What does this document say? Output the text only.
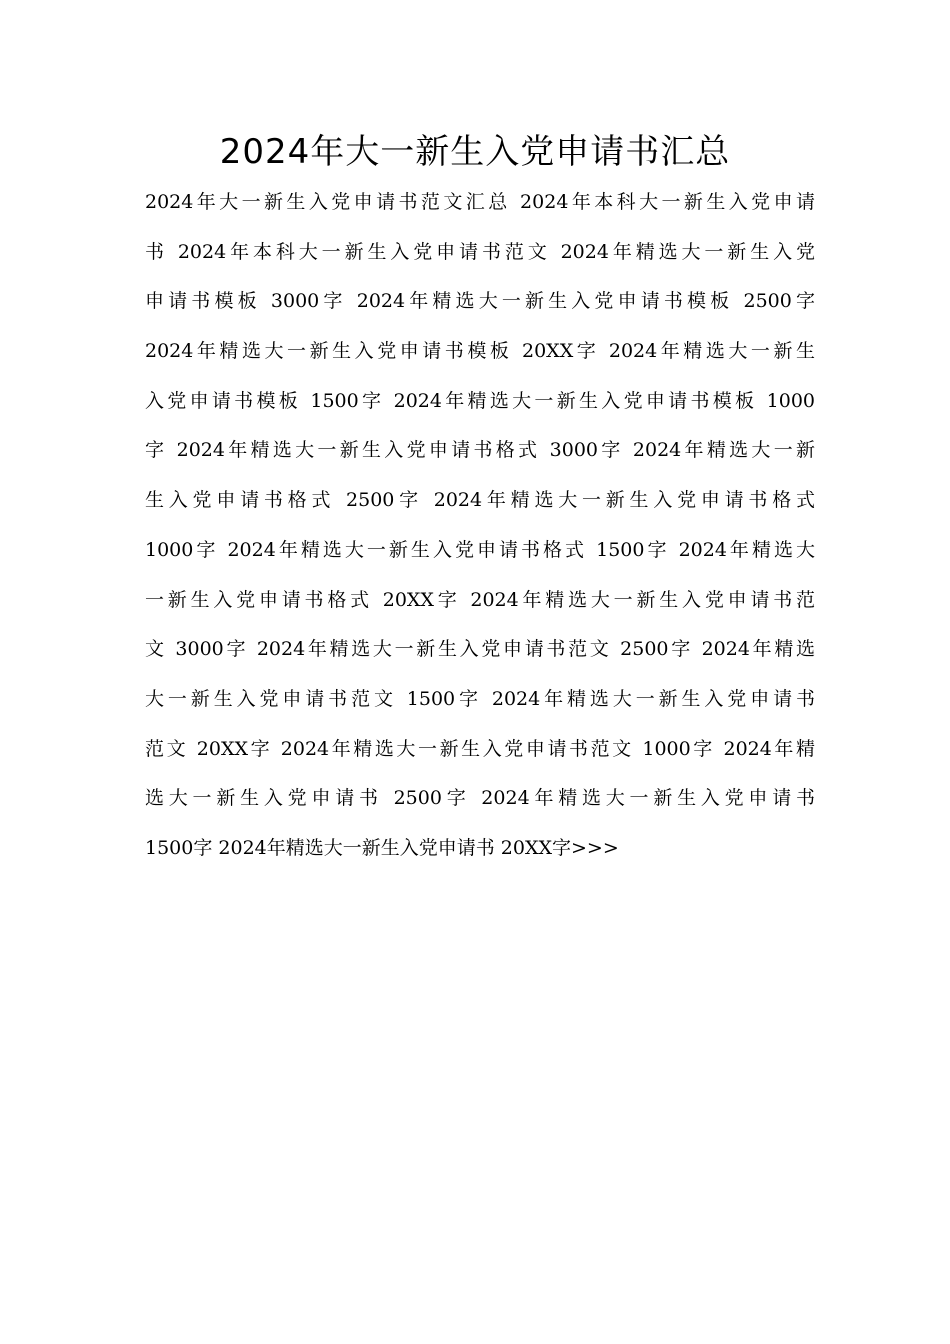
2024年大一新生入党申请书汇总
2024年大一新生入党申请书范文汇总 2024年本科大一新生入党申请
书 2024年本科大一新生入党申请书范文 2024年精选大一新生入党
申请书模板 3000字 2024年精选大一新生入党申请书模板 2500字
2024年精选大一新生入党申请书模板 20XX字 2024年精选大一新生
入党申请书模板 1500字 2024年精选大一新生入党申请书模板 1000
字 2024年精选大一新生入党申请书格式 3000字 2024年精选大一新
生入党申请书格式 2500字 2024年精选大一新生入党申请书格式
1000字 2024年精选大一新生入党申请书格式 1500字 2024年精选大
一新生入党申请书格式 20XX字 2024年精选大一新生入党申请书范
文 3000字 2024年精选大一新生入党申请书范文 2500字 2024年精选
大一新生入党申请书范文 1500字 2024年精选大一新生入党申请书
范文 20XX字 2024年精选大一新生入党申请书范文 1000字 2024年精
选大一新生入党申请书 2500字 2024年精选大一新生入党申请书
1500字 2024年精选大一新生入党申请书 20XX字>>>
